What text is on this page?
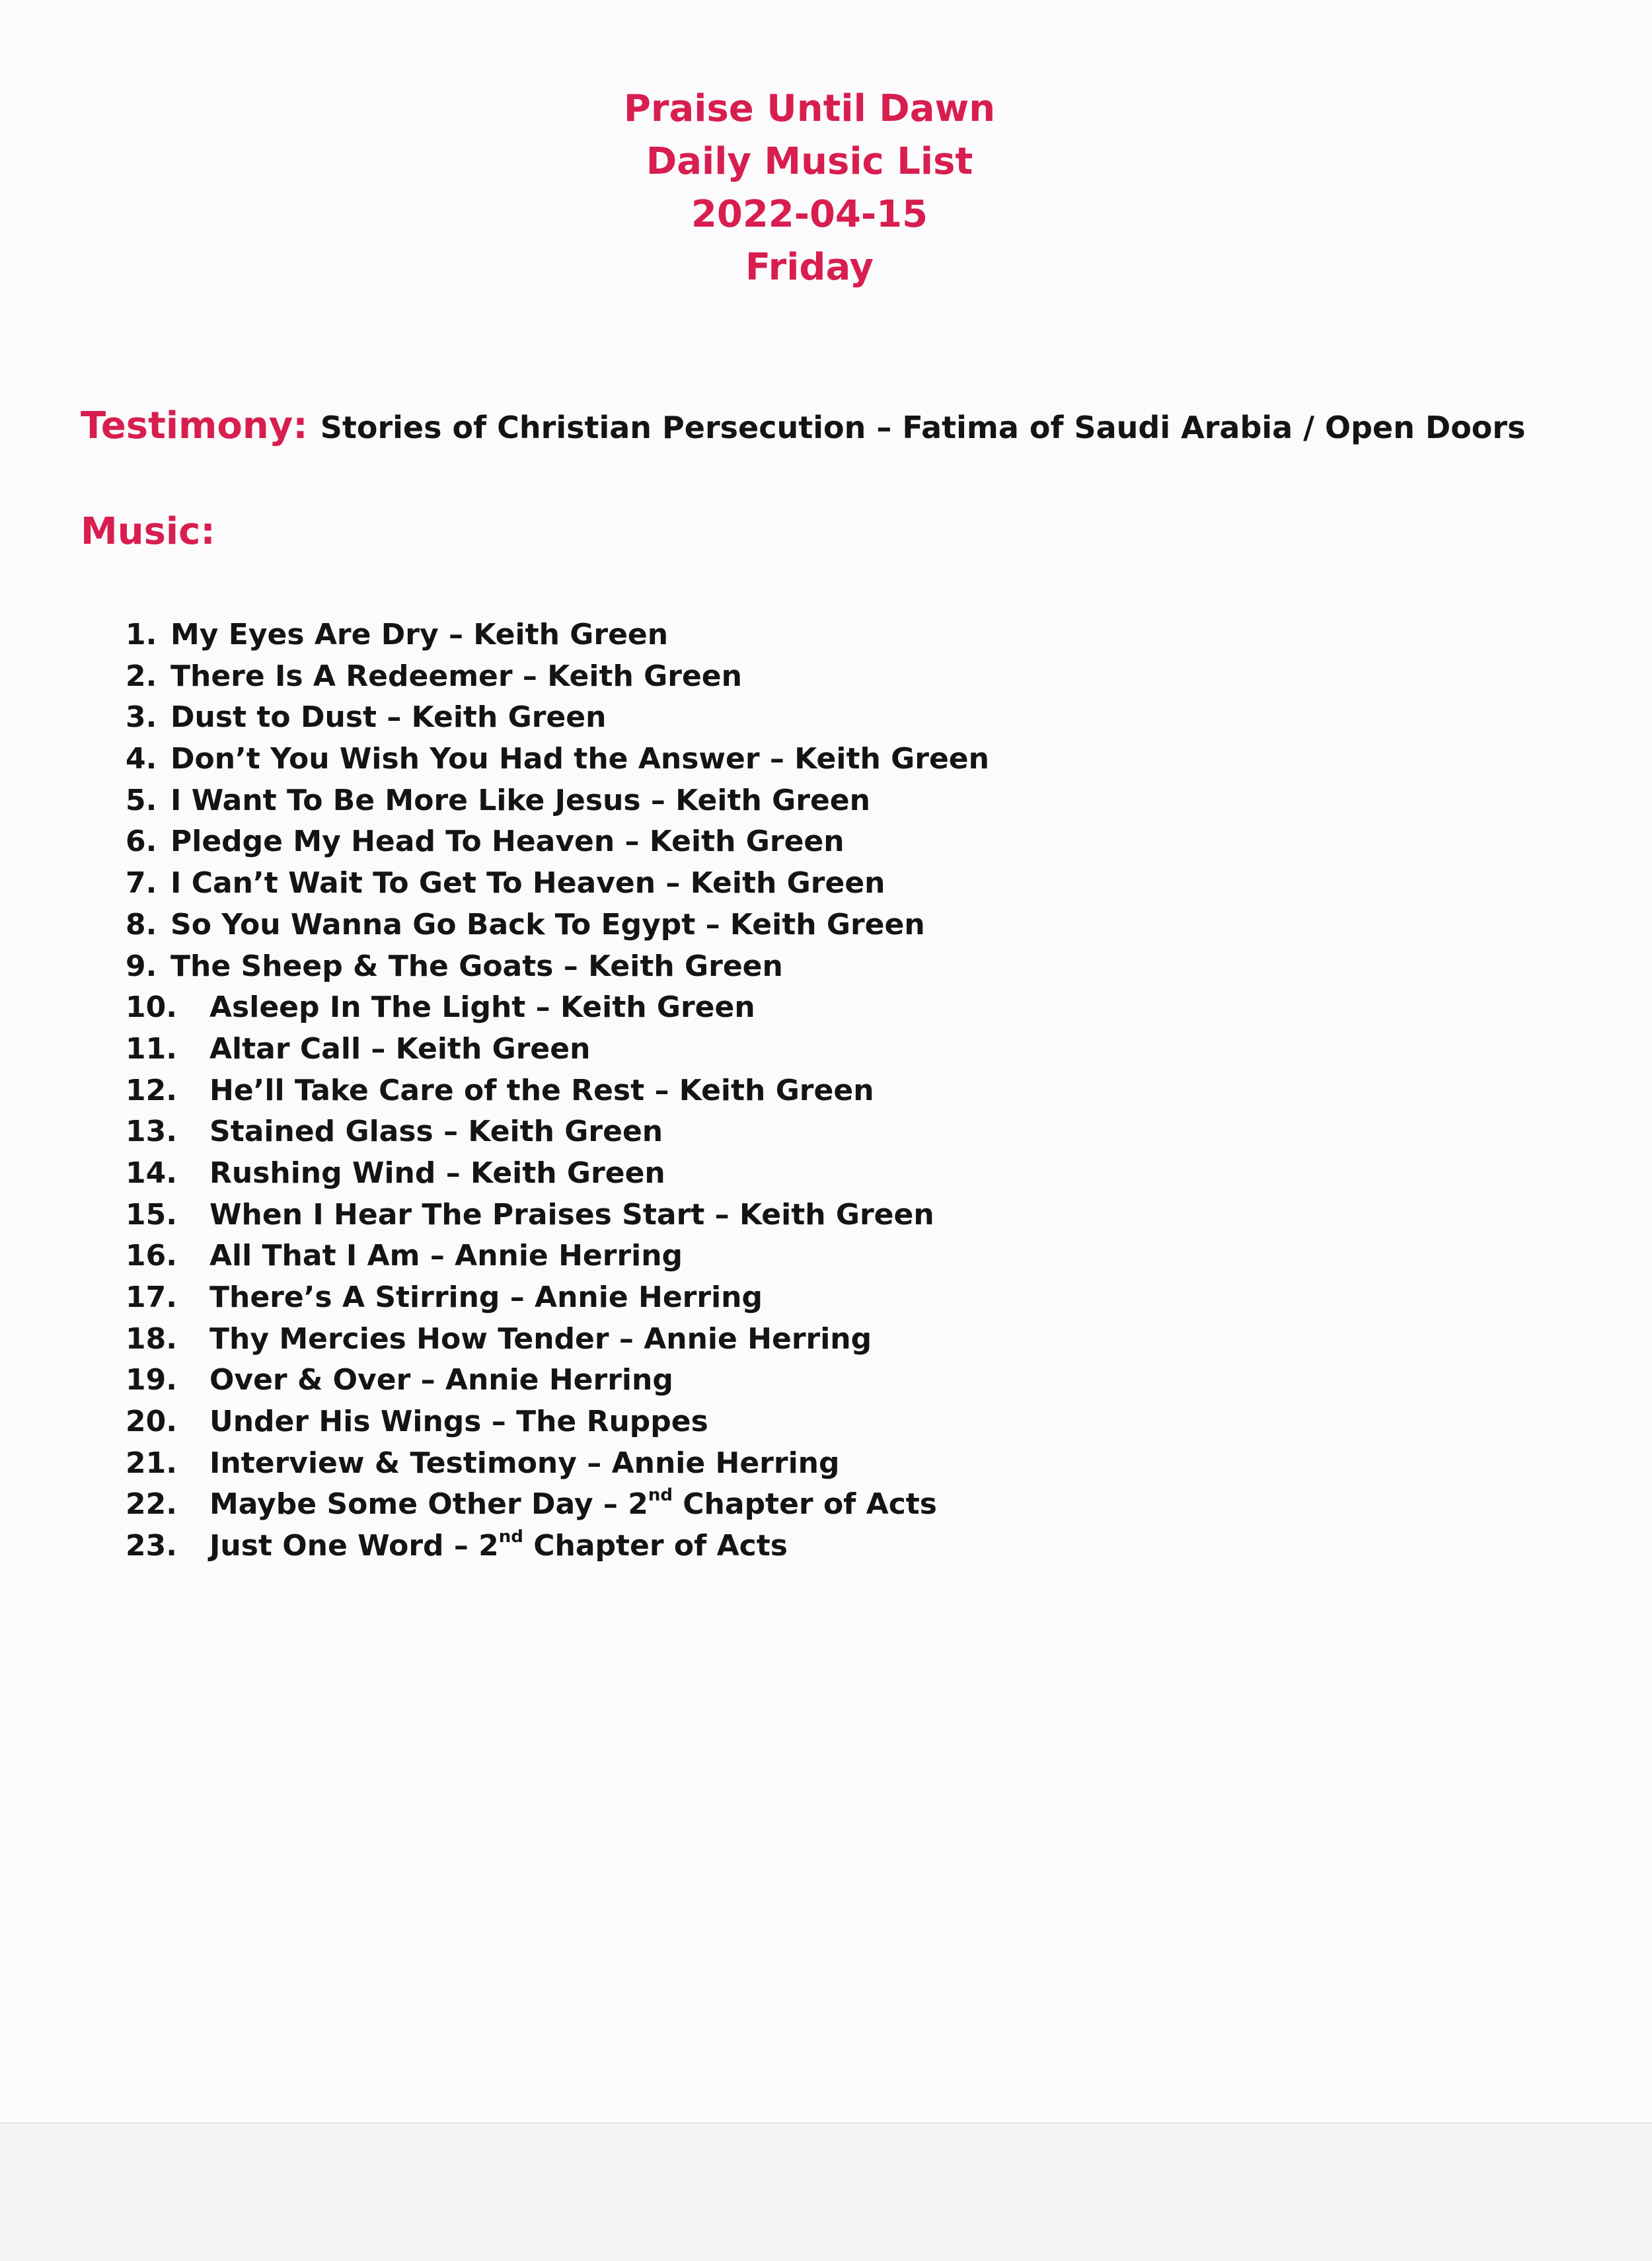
Praise Until Dawn
Daily Music List
2022-04-15
Friday
Testimony: Stories of Christian Persecution – Fatima of Saudi Arabia / Open Doors
Music:
1. My Eyes Are Dry – Keith Green
2. There Is A Redeemer – Keith Green
3. Dust to Dust – Keith Green
4. Don’t You Wish You Had the Answer – Keith Green
5. I Want To Be More Like Jesus – Keith Green
6. Pledge My Head To Heaven – Keith Green
7. I Can’t Wait To Get To Heaven – Keith Green
8. So You Wanna Go Back To Egypt – Keith Green
9. The Sheep & The Goats – Keith Green
10. Asleep In The Light – Keith Green
11. Altar Call – Keith Green
12. He’ll Take Care of the Rest – Keith Green
13. Stained Glass – Keith Green
14. Rushing Wind – Keith Green
15. When I Hear The Praises Start – Keith Green
16. All That I Am – Annie Herring
17. There’s A Stirring – Annie Herring
18. Thy Mercies How Tender – Annie Herring
19. Over & Over – Annie Herring
20. Under His Wings – The Ruppes
21. Interview & Testimony – Annie Herring
22. Maybe Some Other Day – 2nd Chapter of Acts
23. Just One Word – 2nd Chapter of Acts
